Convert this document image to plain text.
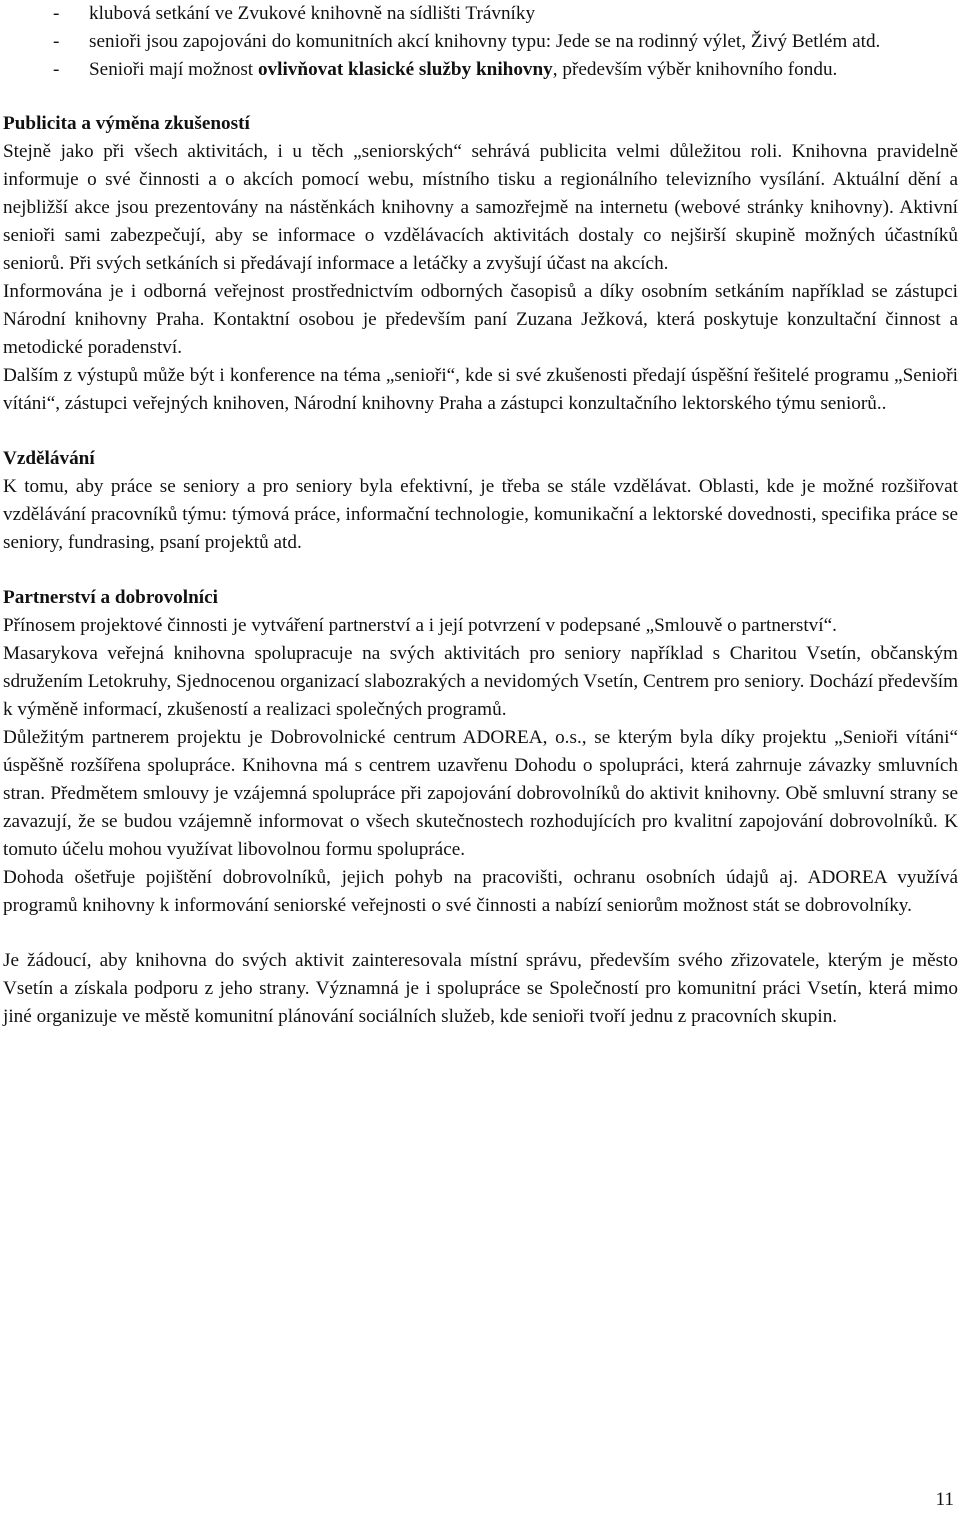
- klubová setkání ve Zvukové knihovně na sídlišti Trávníky
- senioři jsou zapojováni do komunitních akcí knihovny typu: Jede se na rodinný výlet, Živý Betlém atd.
- Senioři mají možnost ovlivňovat klasické služby knihovny, především výběr knihovního fondu.
Publicita a výměna zkušeností

Stejně jako při všech aktivitách, i u těch „seniorských“ sehrává publicita velmi důležitou roli. Knihovna pravidelně informuje o své činnosti a o akcích pomocí webu, místního tisku a regionálního televizního vysílání. Aktuální dění a nejbližší akce jsou prezentovány na nástěnkách knihovny a samozřejmě na internetu (webové stránky knihovny). Aktivní senioři sami zabezpečují, aby se informace o vzdělávacích aktivitách dostaly co nejširší skupině možných účastníků seniorů. Při svých setkáních si předávají informace a letáčky a zvyšují účast na akcích.

Informována je i odborná veřejnost prostřednictvím odborných časopisů a díky osobním setkáním například se zástupci Národní knihovny Praha. Kontaktní osobou je především paní Zuzana Ježková, která poskytuje konzultační činnost a metodické poradenství.

Dalším z výstupů může být i konference na téma „senioři“, kde si své zkušenosti předají úspěšní řešitelé programu „Senioři vítáni“, zástupci veřejných knihoven, Národní knihovny Praha a zástupci konzultačního lektorského týmu seniorů..

Vzdělávání

K tomu, aby práce se seniory a pro seniory byla efektivní, je třeba se stále vzdělávat. Oblasti, kde je možné rozšiřovat vzdělávání pracovníků týmu: týmová práce, informační technologie, komunikační a lektorské dovednosti, specifika práce se seniory, fundrasing, psaní projektů atd.

Partnerství a dobrovolníci

Přínosem projektové činnosti je vytváření partnerství a i její potvrzení v podepsané „Smlouvě o partnerství“.

Masarykova veřejná knihovna spolupracuje na svých aktivitách pro seniory například s Charitou Vsetín, občanským sdružením Letokruhy, Sjednocenou organizací slabozrakých a nevidomých Vsetín, Centrem pro seniory. Dochází především k výměně informací, zkušeností a realizaci společných programů.

Důležitým partnerem projektu je Dobrovolnické centrum ADOREA, o.s., se kterým byla díky projektu „Senioři vítáni“ úspěšně rozšířena spolupráce. Knihovna má s centrem uzavřenu Dohodu o spolupráci, která zahrnuje závazky smluvních stran. Předmětem smlouvy je vzájemná spolupráce při zapojování dobrovolníků do aktivit knihovny. Obě smluvní strany se zavazují, že se budou vzájemně informovat o všech skutečnostech rozhodujících pro kvalitní zapojování dobrovolníků. K tomuto účelu mohou využívat libovolnou formu spolupráce.

Dohoda ošetřuje pojištění dobrovolníků, jejich pohyb na pracovišti, ochranu osobních údajů aj. ADOREA využívá programů knihovny k informování seniorské veřejnosti o své činnosti a nabízí seniorům možnost stát se dobrovolníky.

Je žádoucí, aby knihovna do svých aktivit zainteresovala místní správu, především svého zřizovatele, kterým je město Vsetín a získala podporu z jeho strany. Významná je i spolupráce se Společností pro komunitní práci Vsetín, která mimo jiné organizuje ve městě komunitní plánování sociálních služeb, kde senioři tvoří jednu z pracovních skupin.

11
